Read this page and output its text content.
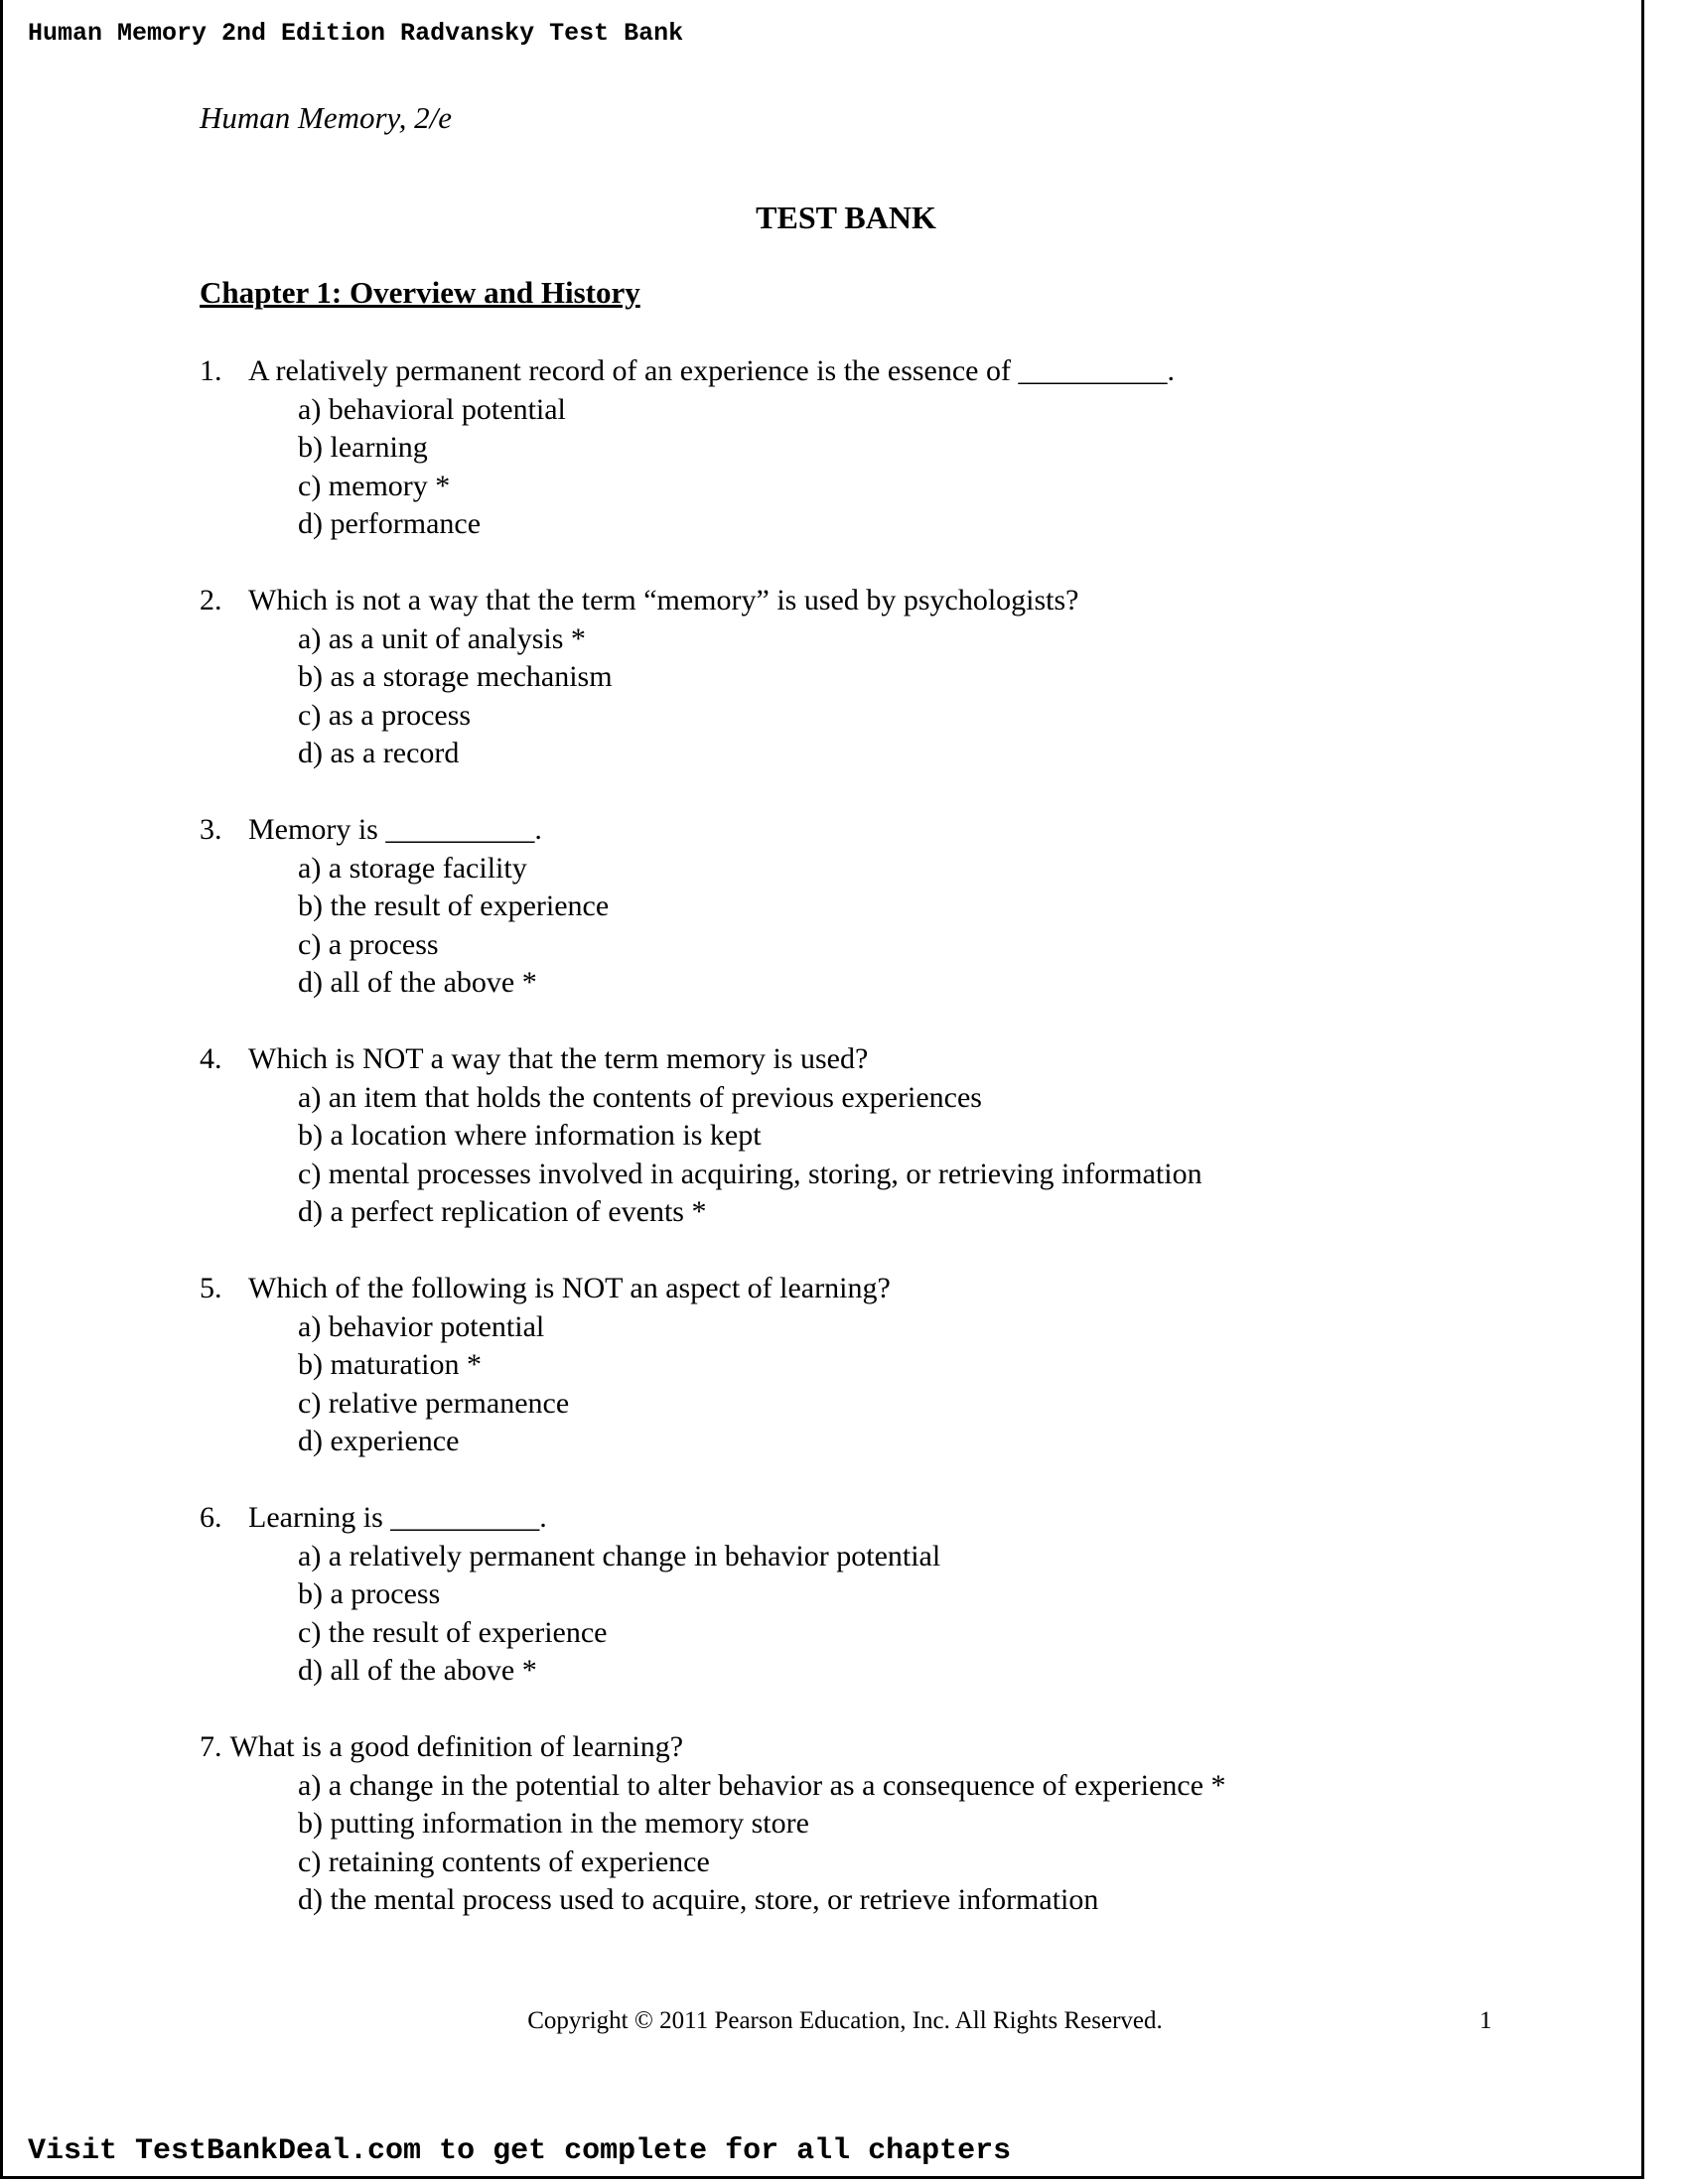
Human Memory 2nd Edition Radvansky Test Bank
Human Memory, 2/e
TEST BANK
Chapter 1: Overview and History
1. A relatively permanent record of an experience is the essence of __________.
a) behavioral potential
b) learning
c) memory *
d) performance
2. Which is not a way that the term “memory” is used by psychologists?
a) as a unit of analysis *
b) as a storage mechanism
c) as a process
d) as a record
3. Memory is __________.
a) a storage facility
b) the result of experience
c) a process
d) all of the above *
4. Which is NOT a way that the term memory is used?
a) an item that holds the contents of previous experiences
b) a location where information is kept
c) mental processes involved in acquiring, storing, or retrieving information
d) a perfect replication of events *
5. Which of the following is NOT an aspect of learning?
a) behavior potential
b) maturation *
c) relative permanence
d) experience
6. Learning is __________.
a) a relatively permanent change in behavior potential
b) a process
c) the result of experience
d) all of the above *
7. What is a good definition of learning?
a) a change in the potential to alter behavior as a consequence of experience *
b) putting information in the memory store
c) retaining contents of experience
d) the mental process used to acquire, store, or retrieve information
Copyright © 2011 Pearson Education, Inc. All Rights Reserved.	1
Visit TestBankDeal.com to get complete for all chapters
